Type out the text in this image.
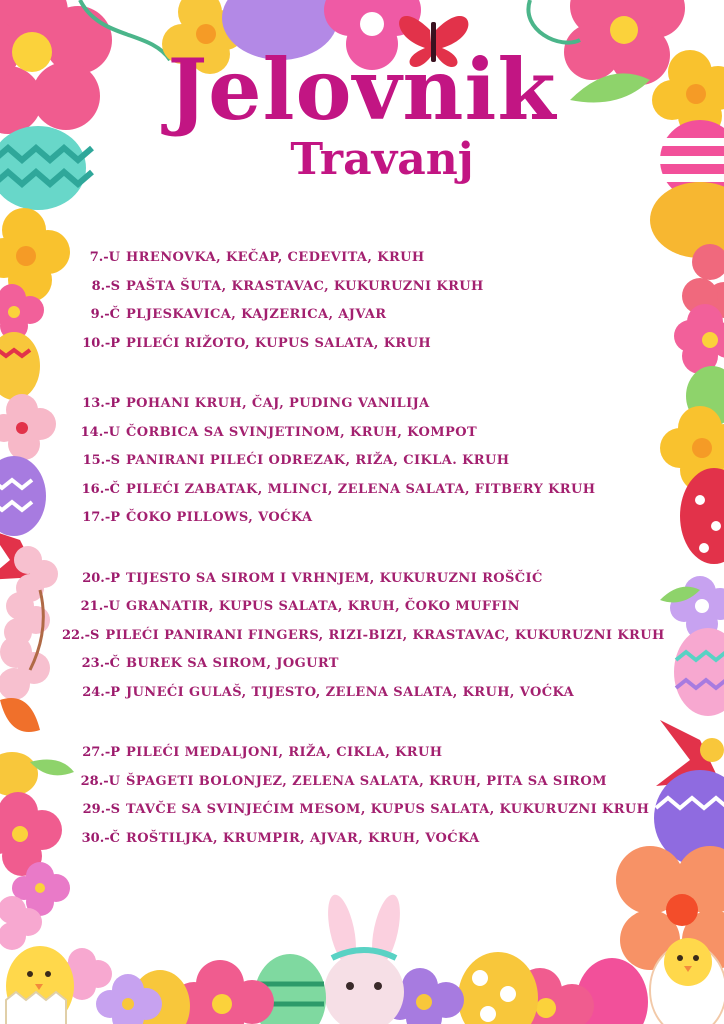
Jelovnik
Travanj
7.-U HRENOVKA, KEČAP, CEDEVITA, KRUH
8.-S PAŠTA ŠUTA, KRASTAVAC, KUKURUZNI KRUH
9.-Č PLJESKAVICA, KAJZERICA, AJVAR
10.-P PILEĆI RIŽOTO, KUPUS SALATA, KRUH
13.-P POHANI KRUH, ČAJ, PUDING VANILIJA
14.-U ČORBICA SA SVINJETINOM, KRUH, KOMPOT
15.-S PANIRANI PILEĆI ODREZAK, RIŽA, CIKLA. KRUH
16.-Č PILEĆI ZABATAK, MLINCI, ZELENA SALATA, FITBERY KRUH
17.-P ČOKO PILLOWS, VOĆKA
20.-P TIJESTO SA SIROM I VRHNJEM, KUKURUZNI ROŠČIĆ
21.-U GRANATIR, KUPUS SALATA, KRUH, ČOKO MUFFIN
22.-S PILEĆI PANIRANI FINGERS, RIZI-BIZI, KRASTAVAC, KUKURUZNI KRUH
23.-Č BUREK SA SIROM, JOGURT
24.-P JUNEĆI GULAŠ, TIJESTO, ZELENA SALATA, KRUH, VOĆKA
27.-P PILEĆI MEDALJONI, RIŽA, CIKLA, KRUH
28.-U ŠPAGETI BOLONJEZ, ZELENA SALATA, KRUH, PITA SA SIROM
29.-S TAVČE SA SVINJEĆIM MESOM, KUPUS SALATA, KUKURUZNI KRUH
30.-Č ROŠTILJKA, KRUMPIR, AJVAR, KRUH, VOĆKA
